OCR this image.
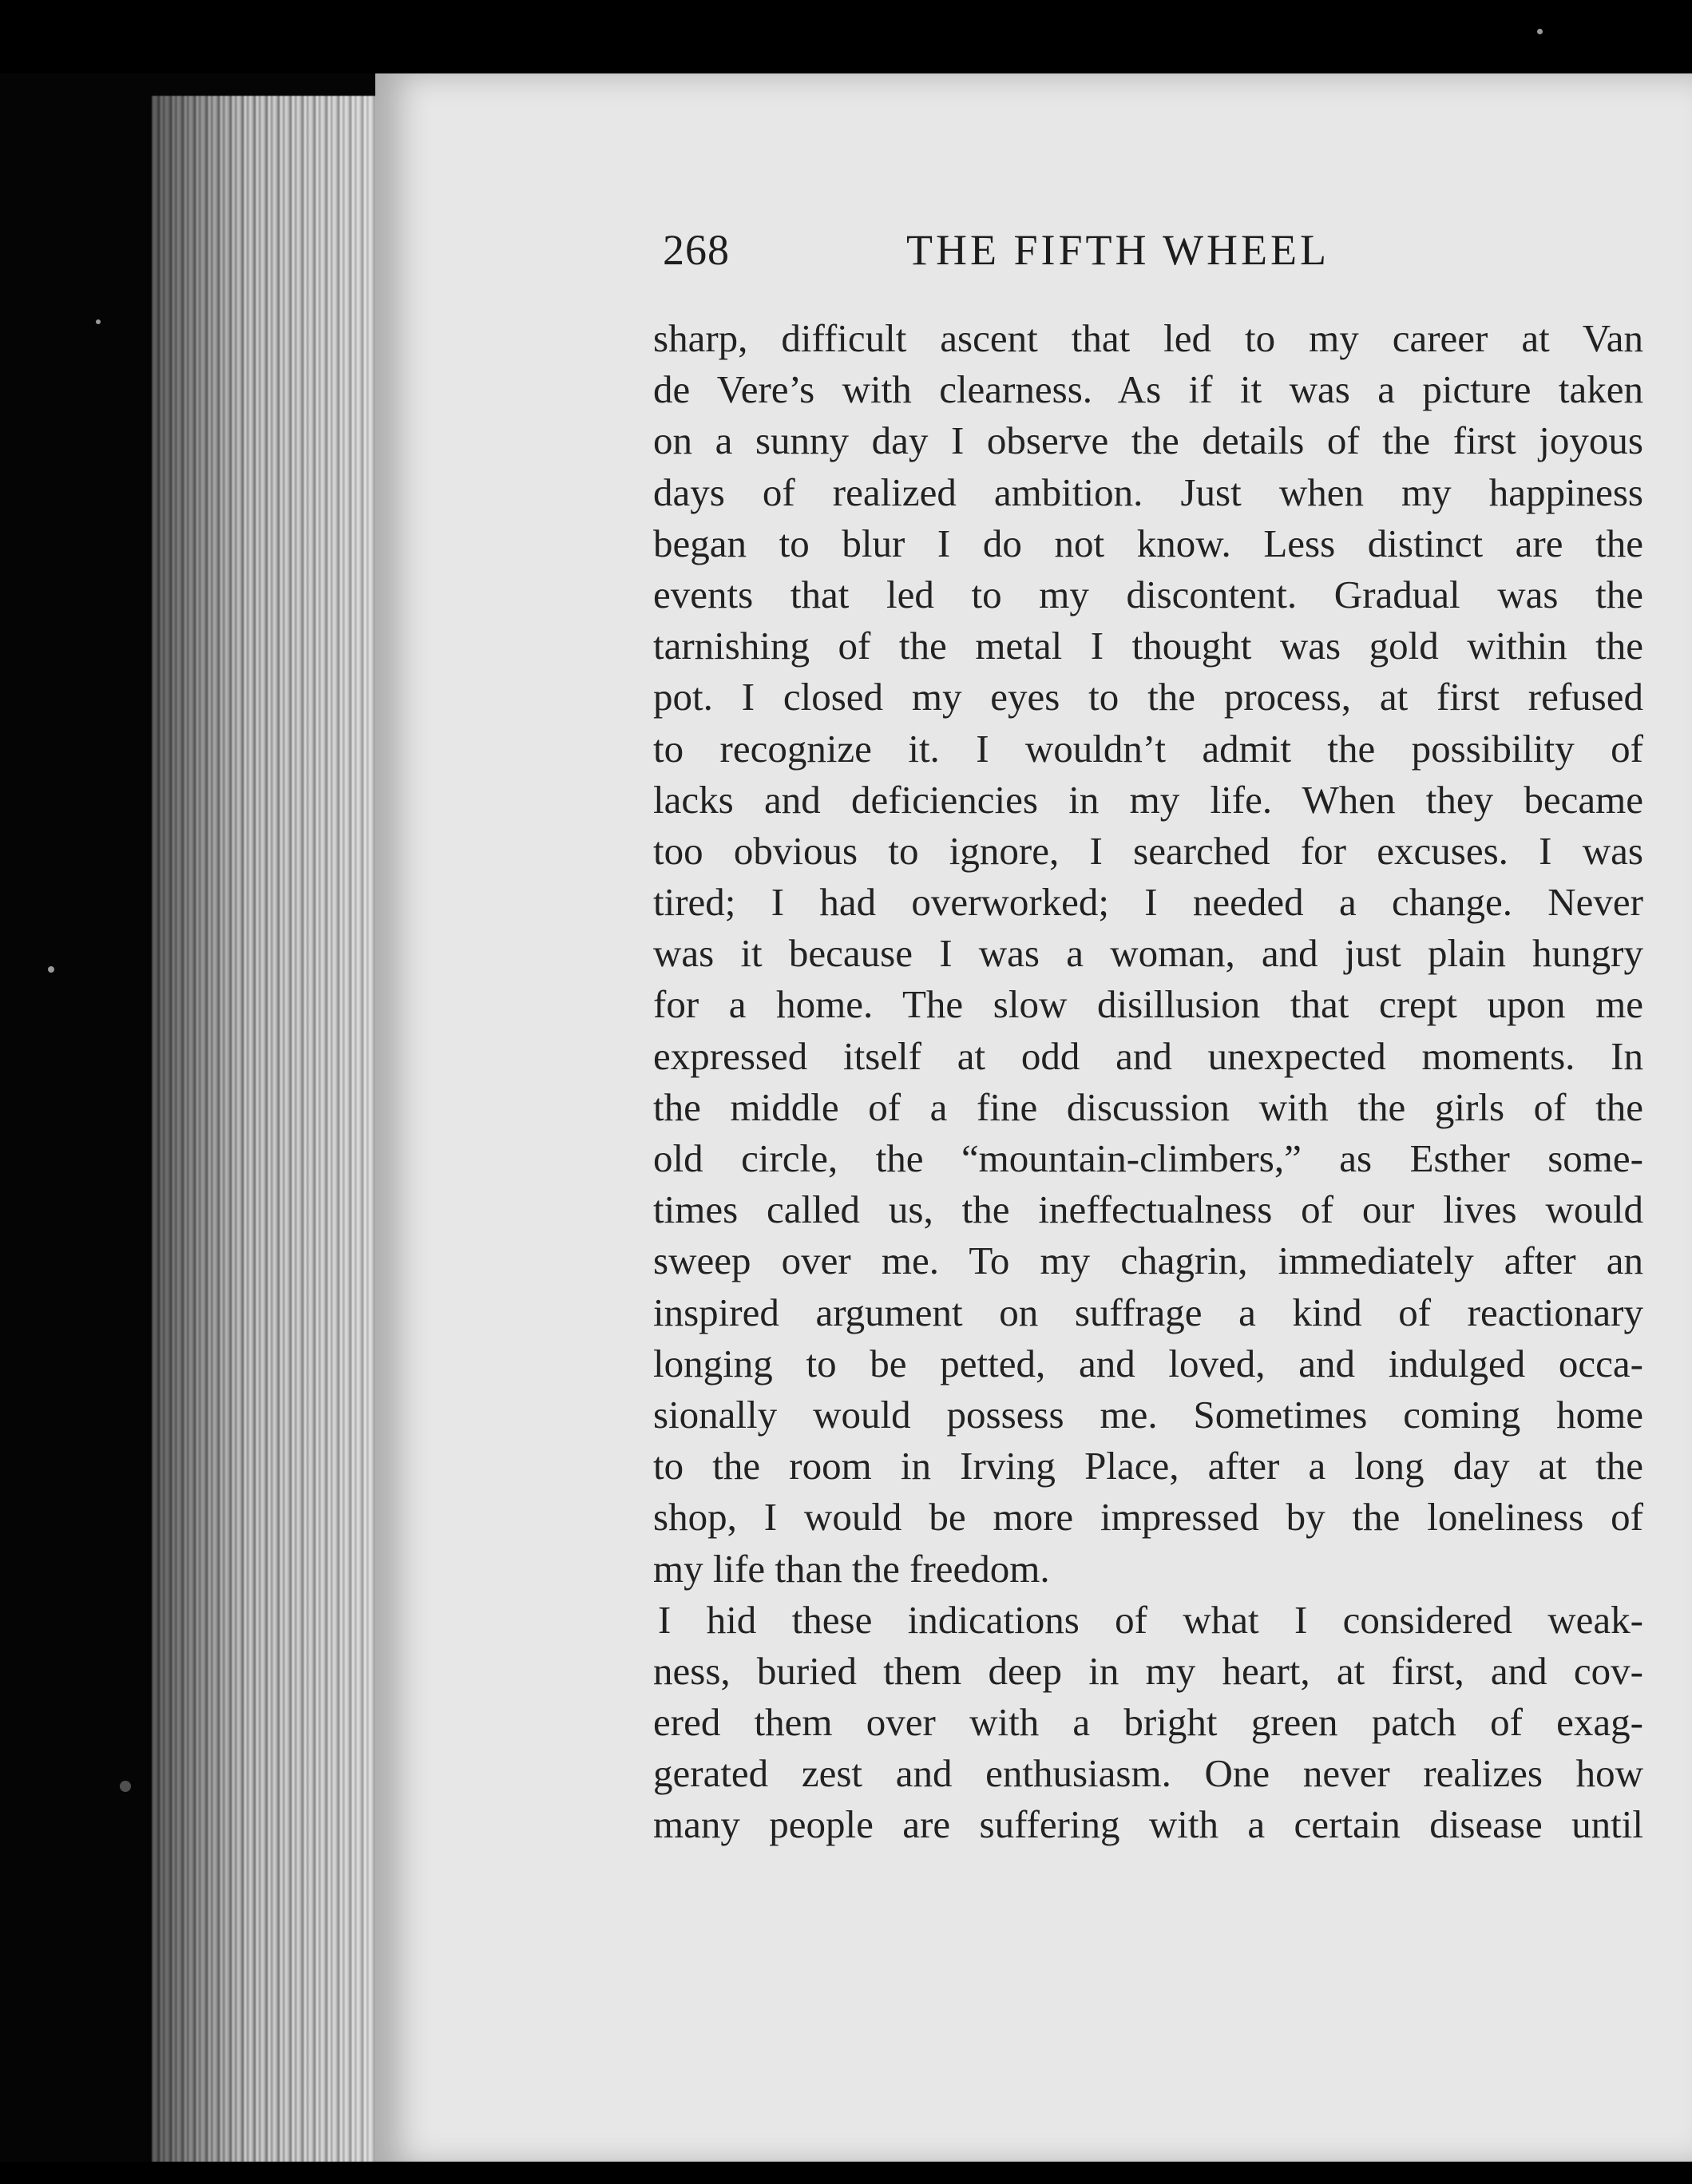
268	THE FIFTH WHEEL
sharp, difficult ascent that led to my career at Van
de Vere’s with clearness. As if it was a picture taken
on a sunny day I observe the details of the first joyous
days of realized ambition. Just when my happiness
began to blur I do not know. Less distinct are the
events that led to my discontent. Gradual was the
tarnishing of the metal I thought was gold within the
pot. I closed my eyes to the process, at first refused
to recognize it. I wouldn’t admit the possibility of
lacks and deficiencies in my life. When they became
too obvious to ignore, I searched for excuses. I was
tired; I had overworked; I needed a change. Never
was it because I was a woman, and just plain hungry
for a home. The slow disillusion that crept upon me
expressed itself at odd and unexpected moments. In
the middle of a fine discussion with the girls of the
old circle, the “mountain-climbers,” as Esther some-
times called us, the ineffectualness of our lives would
sweep over me. To my chagrin, immediately after an
inspired argument on suffrage a kind of reactionary
longing to be petted, and loved, and indulged occa-
sionally would possess me. Sometimes coming home
to the room in Irving Place, after a long day at the
shop, I would be more impressed by the loneliness of
my life than the freedom.
I hid these indications of what I considered weak-
ness, buried them deep in my heart, at first, and cov-
ered them over with a bright green patch of exag-
gerated zest and enthusiasm. One never realizes how
many people are suffering with a certain disease until
